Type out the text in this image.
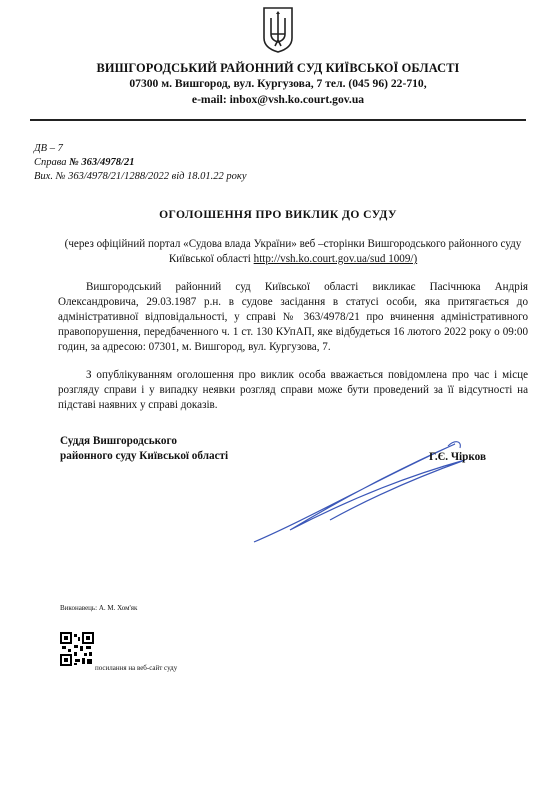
ВИШГОРОДСЬКИЙ РАЙОННИЙ СУД КИЇВСЬКОЇ ОБЛАСТІ
07300 м. Вишгород, вул. Кургузова, 7 тел. (045 96) 22-710,
e-mail: inbox@vsh.ko.court.gov.ua
ДВ – 7
Справа № 363/4978/21
Вих. № 363/4978/21/1288/2022 від 18.01.22 року
ОГОЛОШЕННЯ ПРО ВИКЛИК ДО СУДУ
(через офіційний портал «Судова влада України» веб –сторінки Вишгородського районного суду Київської області http://vsh.ko.court.gov.ua/sud 1009/)
Вишгородський районний суд Київської області викликає Пасічнюка Андрія Олександровича, 29.03.1987 р.н. в судове засідання в статусі особи, яка притягається до адміністративної відповідальності, у справі № 363/4978/21 про вчинення адміністративного правопорушення, передбаченного ч. 1 ст. 130 КУпАП, яке відбудеться 16 лютого 2022 року о 09:00 годин, за адресою: 07301, м. Вишгород, вул. Кургузова, 7.
З опублікуванням оголошення про виклик особа вважається повідомлена про час і місце розгляду справи і у випадку неявки розгляд справи може бути проведений за її відсутності на підставі наявних у справі доказів.
Суддя Вишгородського
районного суду Київської області	Г.Є. Чірков
Виконавець: А. М. Хом'як
посилання на веб-сайт суду
